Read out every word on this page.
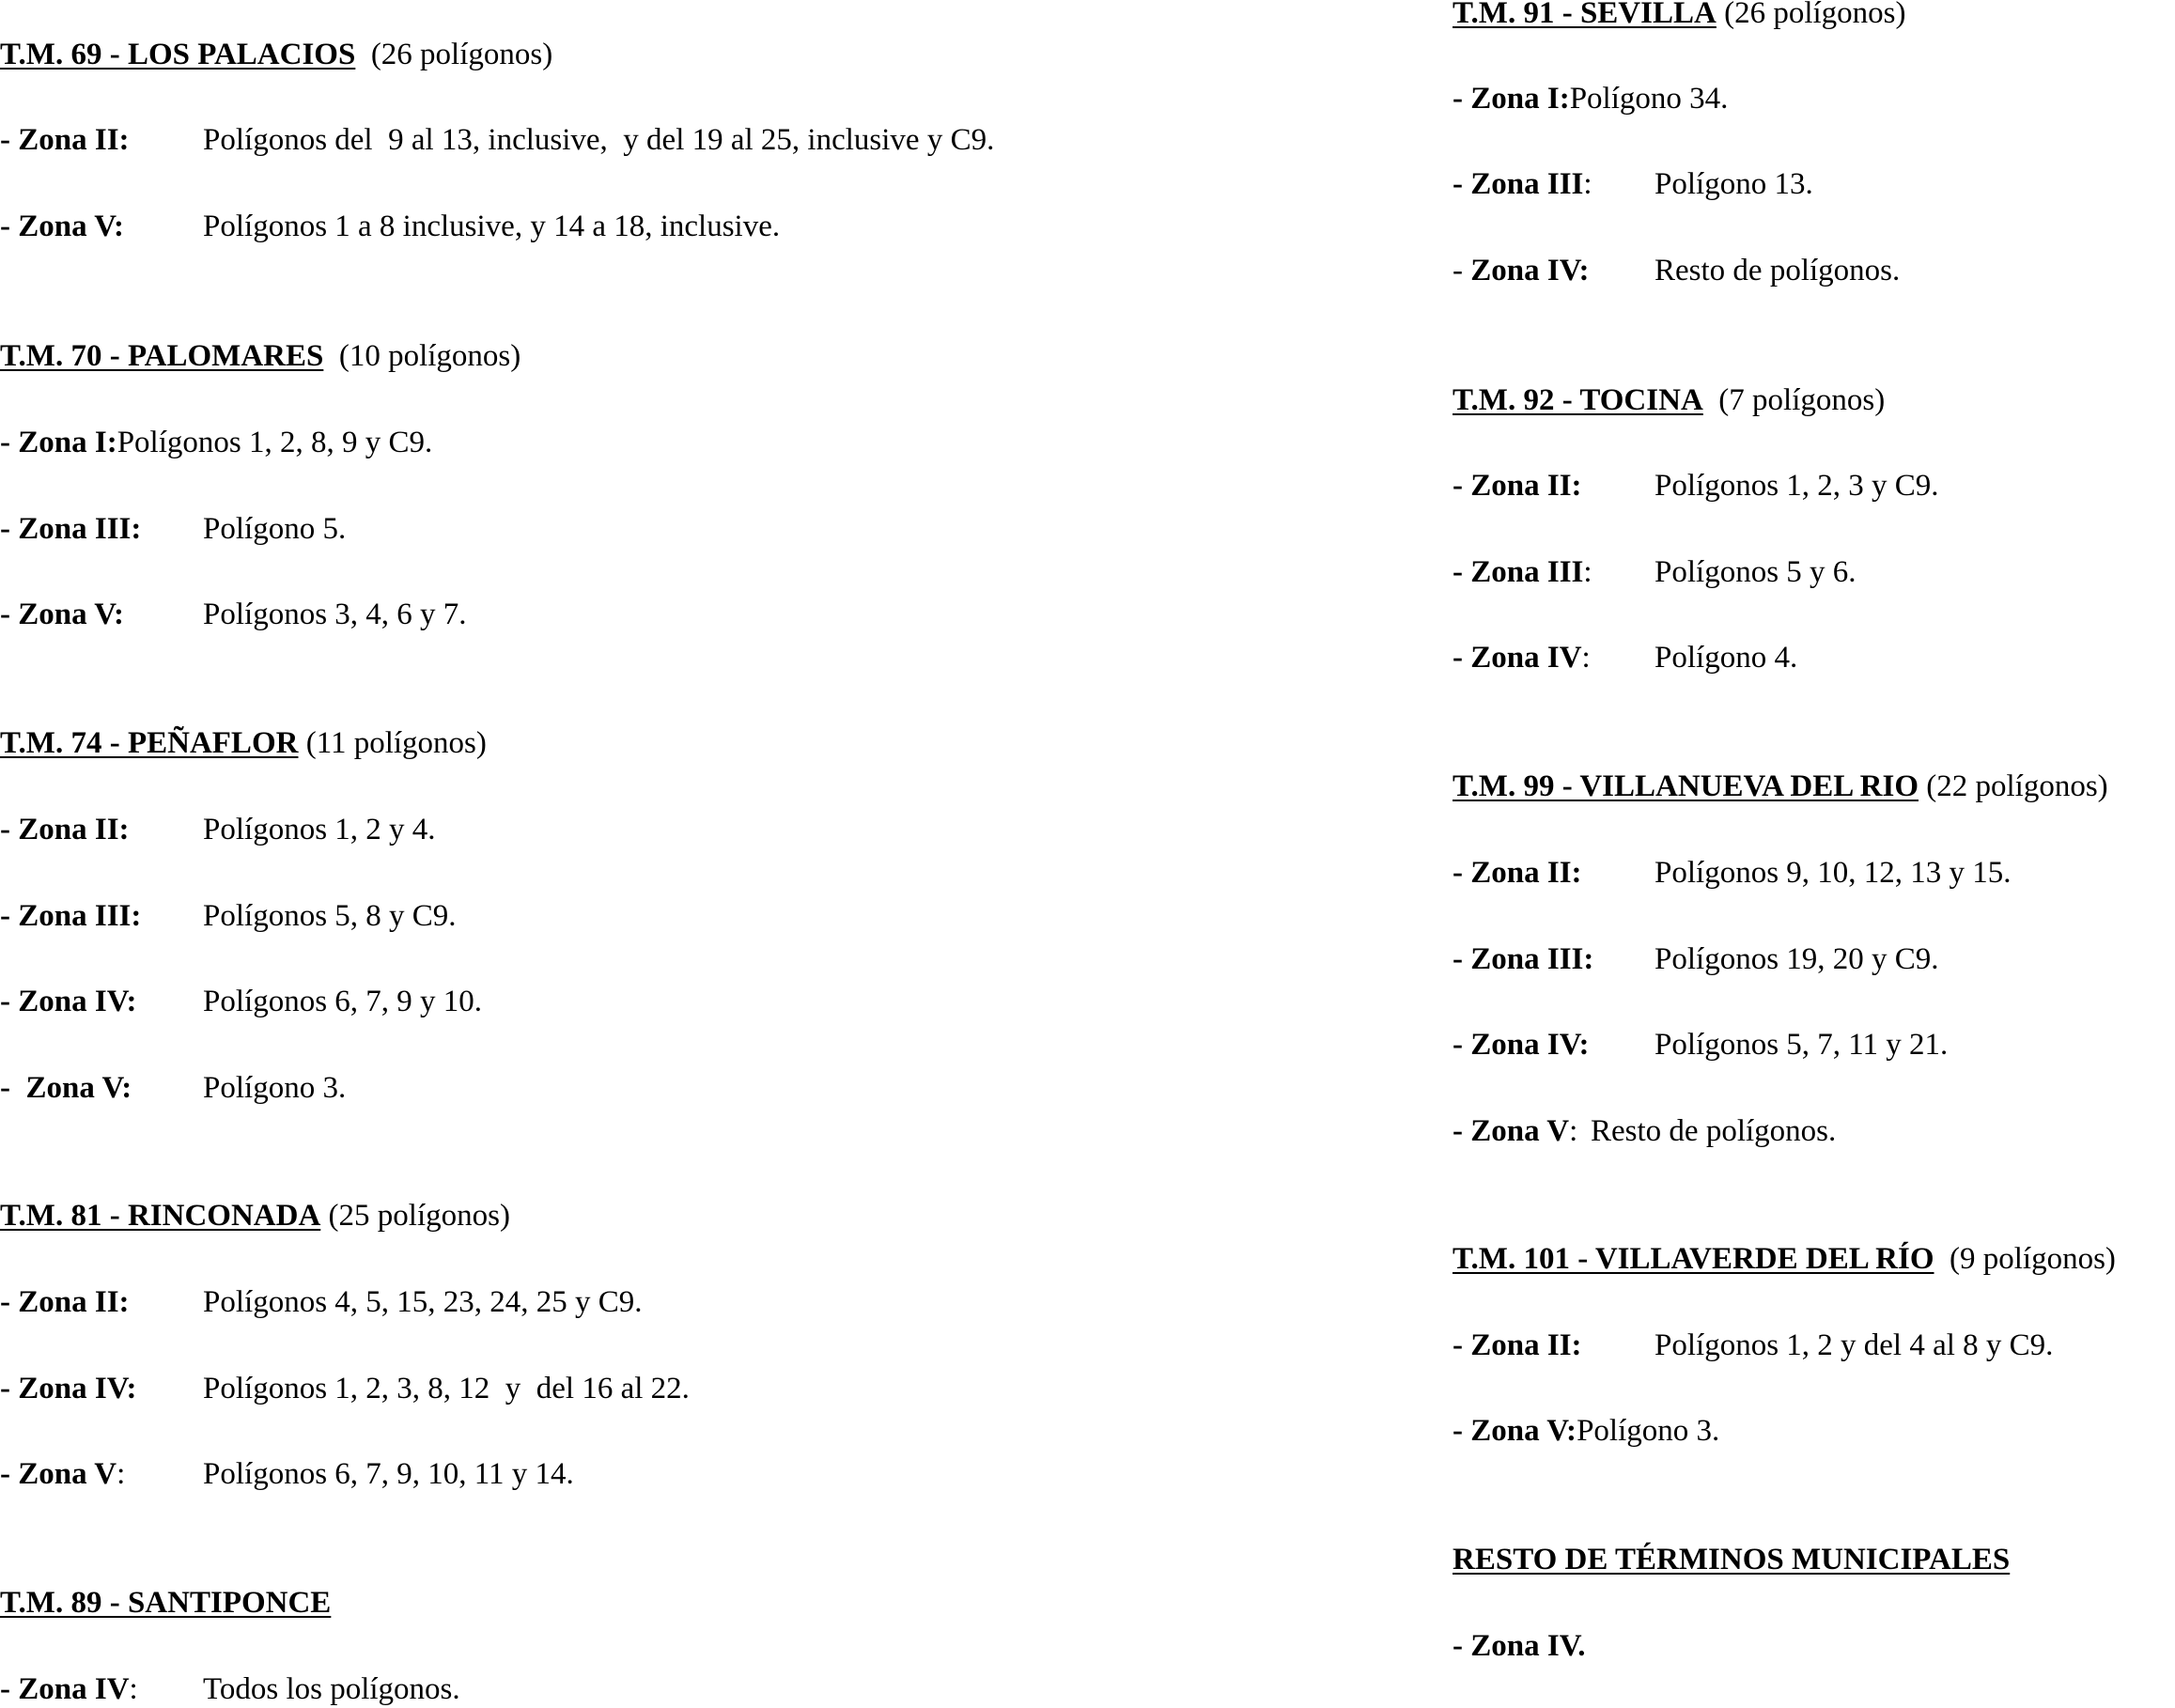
T.M. 69 - LOS PALACIOS (26 polígonos)
- Zona II: Polígonos del  9 al 13, inclusive,  y del 19 al 25, inclusive y C9.
- Zona V:	Polígonos 1 a 8 inclusive, y 14 a 18, inclusive.
T.M. 70 - PALOMARES (10 polígonos)
- Zona I:Polígonos 1, 2, 8, 9 y C9.
- Zona III: Polígono 5.
- Zona V:	Polígonos 3, 4, 6 y 7.
T.M. 74 - PEÑAFLOR (11 polígonos)
- Zona II: Polígonos 1, 2 y 4.
- Zona III: Polígonos 5, 8 y C9.
- Zona IV: Polígonos 6, 7, 9 y 10.
-  Zona V: Polígono 3.
T.M. 81 - RINCONADA (25 polígonos)
- Zona II: Polígonos 4, 5, 15, 23, 24, 25 y C9.
- Zona IV: Polígonos 1, 2, 3, 8, 12  y  del 16 al 22.
- Zona V:	Polígonos 6, 7, 9, 10, 11 y 14.
T.M. 89 - SANTIPONCE
- Zona IV: Todos los polígonos.
T.M. 91 - SEVILLA (26 polígonos)
- Zona I:Polígono 34.
- Zona III: Polígono 13.
- Zona IV: Resto de polígonos.
T.M. 92 - TOCINA (7 polígonos)
- Zona II: Polígonos 1, 2, 3 y C9.
- Zona III: Polígonos 5 y 6.
- Zona IV: Polígono 4.
T.M. 99 - VILLANUEVA DEL RIO (22 polígonos)
- Zona II: Polígonos 9, 10, 12, 13 y 15.
- Zona III: Polígonos 19, 20 y C9.
- Zona IV: Polígonos 5, 7, 11 y 21.
- Zona V: Resto de polígonos.
T.M. 101 - VILLAVERDE DEL RÍO (9 polígonos)
- Zona II: Polígonos 1, 2 y del 4 al 8 y C9.
- Zona V:Polígono 3.
RESTO DE TÉRMINOS MUNICIPALES
- Zona IV.
